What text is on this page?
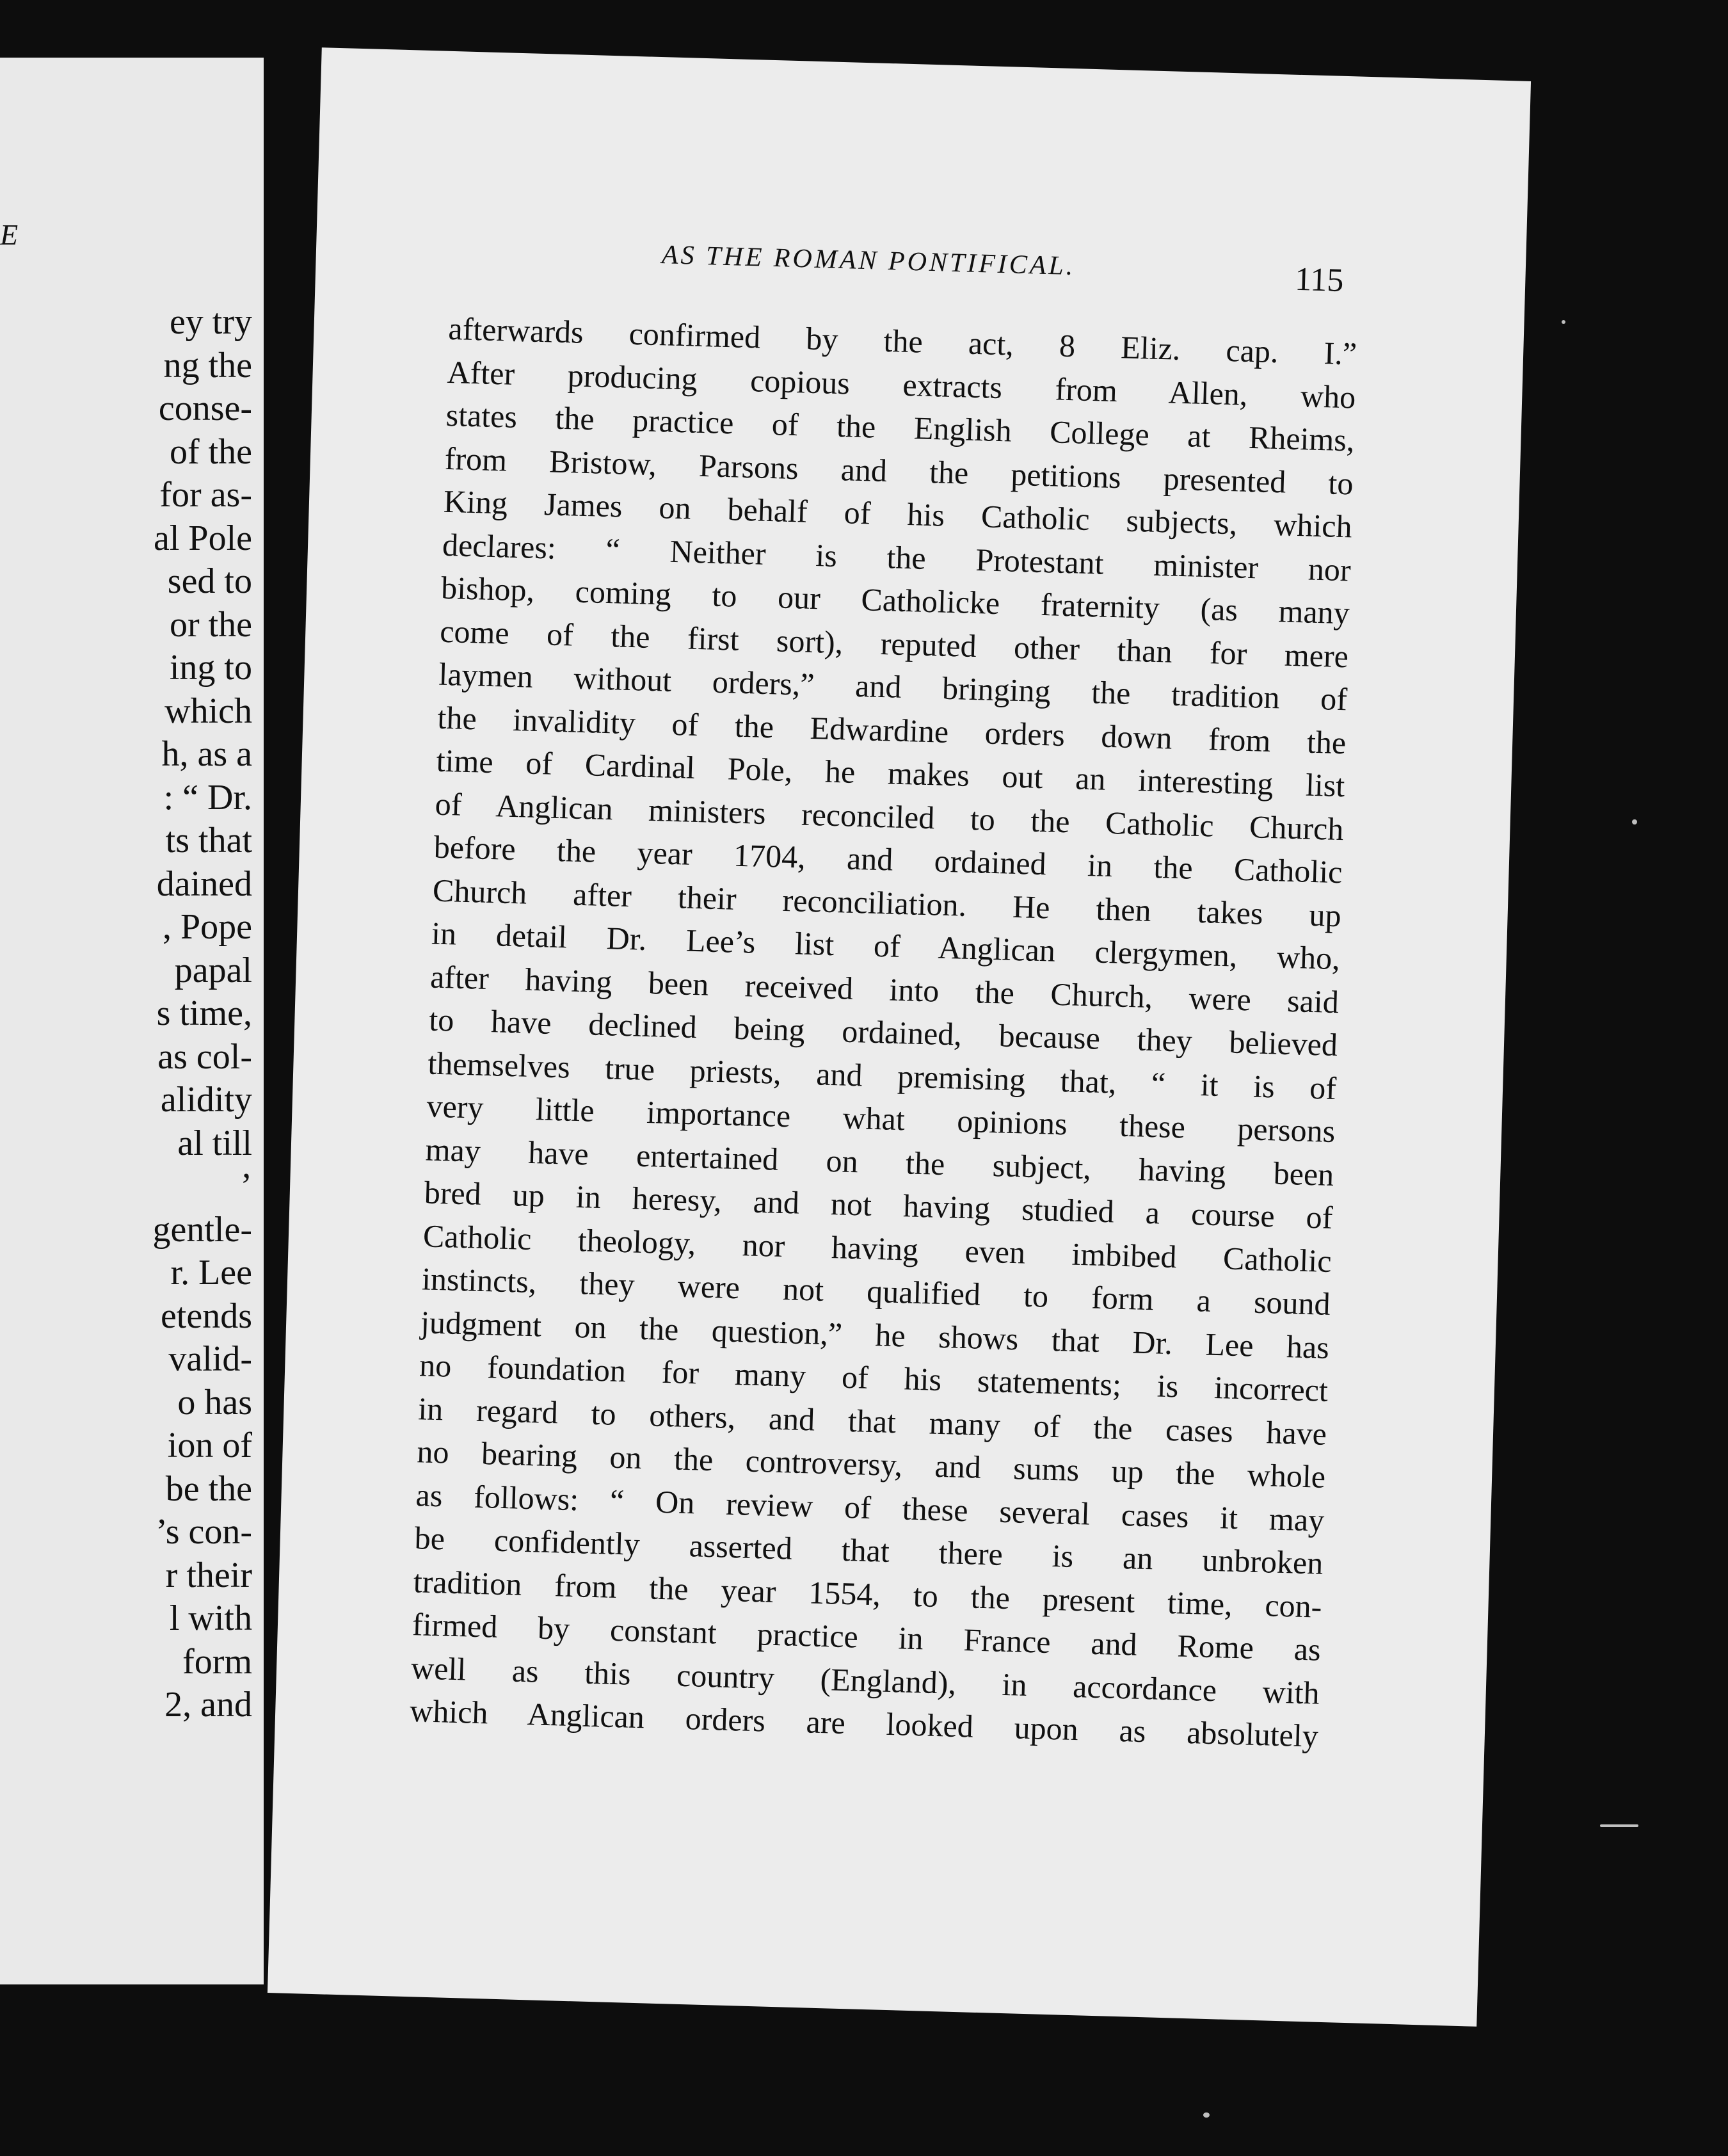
E
ey try
ng the
conse-
of the
for as-
al Pole
sed to
or the
ing to
which
h, as a
: “ Dr.
ts that
dained
, Pope
papal
s time,
as col-
alidity
al till
’
gentle-
r. Lee
etends
valid-
o has
ion of
be the
’s con-
r their
l with
form
2, and
AS THE ROMAN PONTIFICAL.	115
afterwards confirmed by the act, 8 Eliz. cap. I.”
After producing copious extracts from Allen, who
states the practice of the English College at Rheims,
from Bristow, Parsons and the petitions presented to
King James on behalf of his Catholic subjects, which
declares: “ Neither is the Protestant minister nor
bishop, coming to our Catholicke fraternity (as many
come of the first sort), reputed other than for mere
laymen without orders,” and bringing the tradition of
the invalidity of the Edwardine orders down from the
time of Cardinal Pole, he makes out an interesting list
of Anglican ministers reconciled to the Catholic Church
before the year 1704, and ordained in the Catholic
Church after their reconciliation. He then takes up
in detail Dr. Lee’s list of Anglican clergymen, who,
after having been received into the Church, were said
to have declined being ordained, because they believed
themselves true priests, and premising that, “ it is of
very little importance what opinions these persons
may have entertained on the subject, having been
bred up in heresy, and not having studied a course of
Catholic theology, nor having even imbibed Catholic
instincts, they were not qualified to form a sound
judgment on the question,” he shows that Dr. Lee has
no foundation for many of his statements; is incorrect
in regard to others, and that many of the cases have
no bearing on the controversy, and sums up the whole
as follows: “ On review of these several cases it may
be confidently asserted that there is an unbroken
tradition from the year 1554, to the present time, con-
firmed by constant practice in France and Rome as
well as this country (England), in accordance with
which Anglican orders are looked upon as absolutely
